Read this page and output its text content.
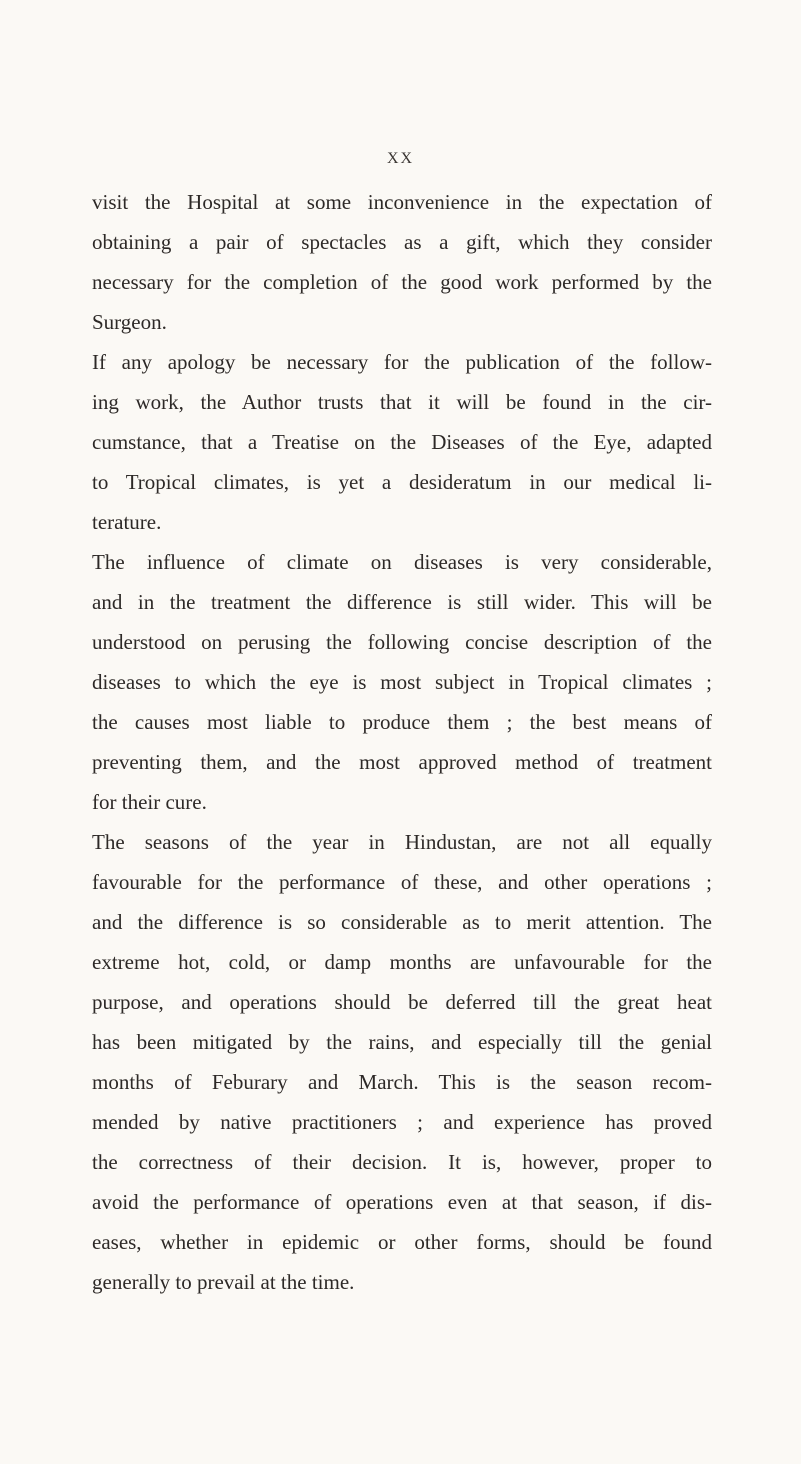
XX
visit the Hospital at some inconvenience in the expectation of
obtaining a pair of spectacles as a gift, which they consider
necessary for the completion of the good work performed by the
Surgeon.
If any apology be necessary for the publication of the follow-
ing work, the Author trusts that it will be found in the cir-
cumstance, that a Treatise on the Diseases of the Eye, adapted
to Tropical climates, is yet a desideratum in our medical li-
terature.
The influence of climate on diseases is very considerable,
and in the treatment the difference is still wider. This will be
understood on perusing the following concise description of the
diseases to which the eye is most subject in Tropical climates ;
the causes most liable to produce them ; the best means of
preventing them, and the most approved method of treatment
for their cure.
The seasons of the year in Hindustan, are not all equally
favourable for the performance of these, and other operations ;
and the difference is so considerable as to merit attention. The
extreme hot, cold, or damp months are unfavourable for the
purpose, and operations should be deferred till the great heat
has been mitigated by the rains, and especially till the genial
months of Feburary and March. This is the season recom-
mended by native practitioners ; and experience has proved
the correctness of their decision. It is, however, proper to
avoid the performance of operations even at that season, if dis-
eases, whether in epidemic or other forms, should be found
generally to prevail at the time.
